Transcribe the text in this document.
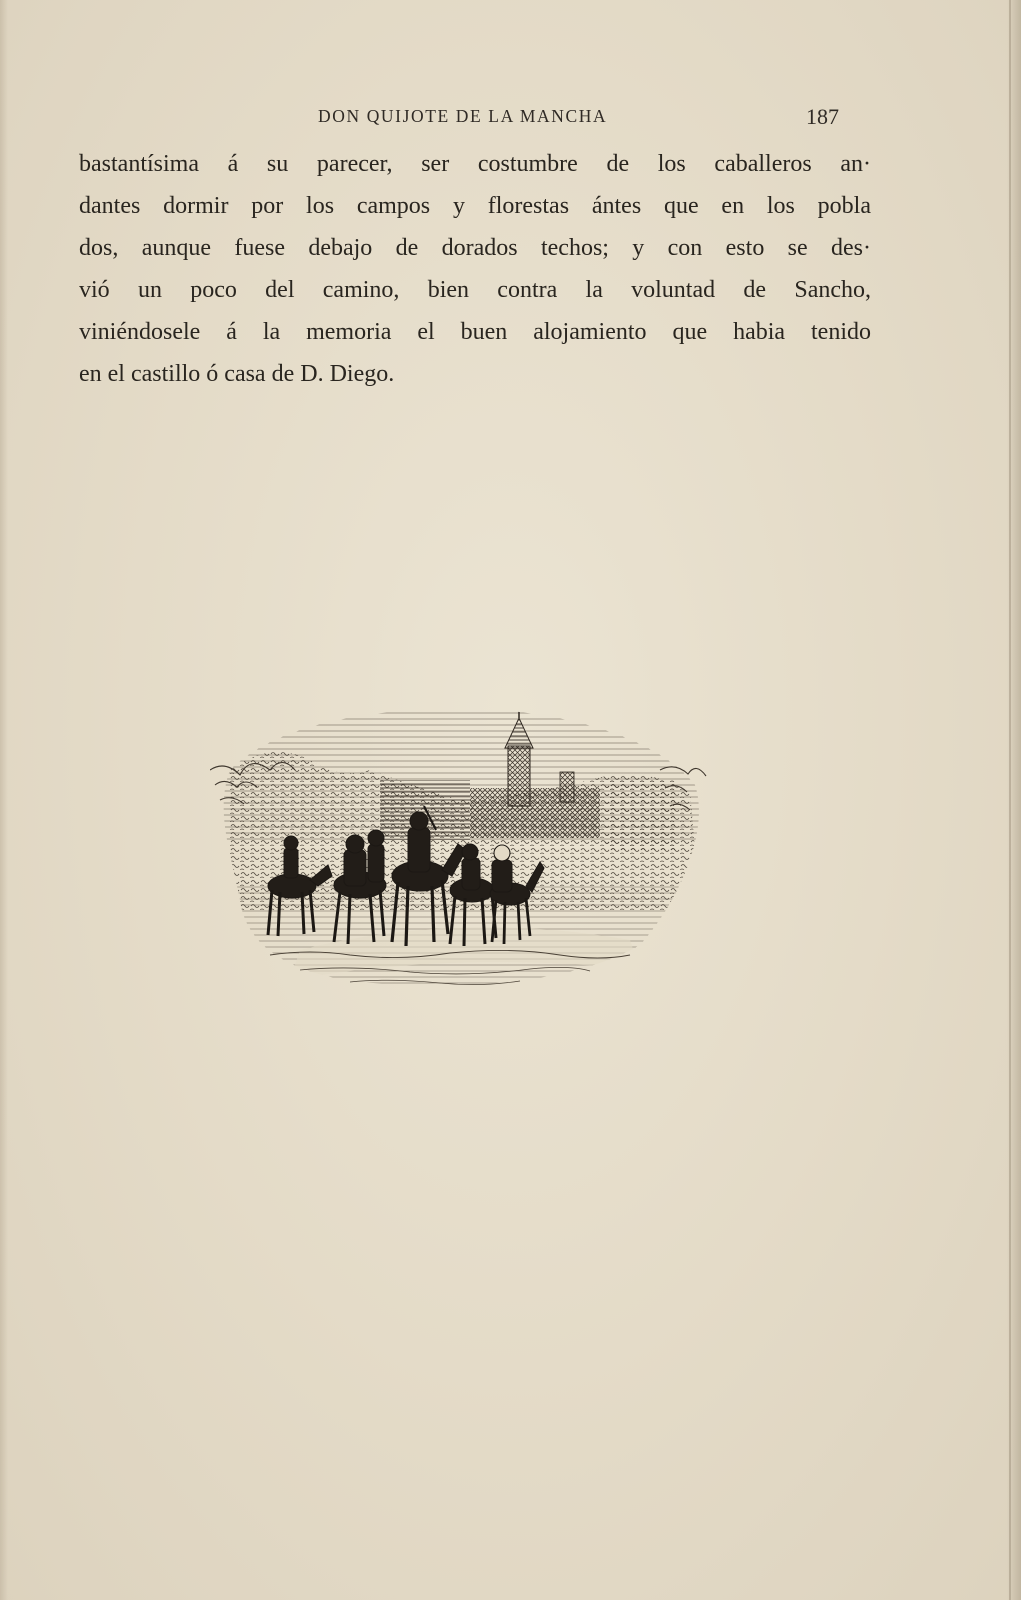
DON QUIJOTE DE LA MANCHA	187
bastantísima á su parecer, ser costumbre de los caballeros an·
dantes dormir por los campos y florestas ántes que en los pobla
dos, aunque fuese debajo de dorados techos; y con esto se des·
vió un poco del camino, bien contra la voluntad de Sancho,
viniéndosele á la memoria el buen alojamiento que habia tenido
en el castillo ó casa de D. Diego.
